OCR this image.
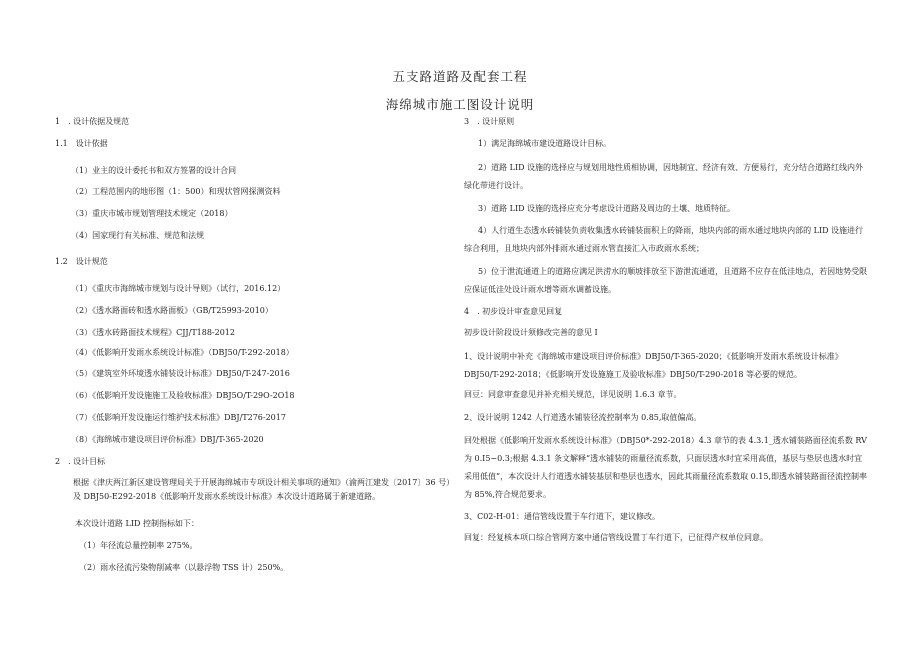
五支路道路及配套工程
海绵城市施工图设计说明
1　. 设计依据及规范
1.1　设计依据
（1）业主的设计委托书和双方签署的设计合同
（2）工程范围内的地形图（1：500）和现状管网探测资料
（3）重庆市城市规划管理技术规定（2018）
（4）国家现行有关标准、规范和法规
1.2　设计规范
（1）《重庆市海绵城市规划与设计导则》（试行，2016.12）
（2）《透水路面砖和透水路面板》（GB/T25993-2010）
（3）《透水砖路面技术规程》CJJ/T188-2012
（4）《低影响开发雨水系统设计标准》（DBJ50/T-292-2018）
（5）《建筑室外环境透水铺装设计标准》DBJ50/T-247-2016
（6）《低影响开发设施施工及验收标准》DBJ5O/T-29O-2O18
（7）《低影响开发设施运行维护技术标准》DBJ/T276-2017
（8）《海绵城市建设项目评价标准》DBJ/T-365-2020
2　. 设计目标
根据《津庆两江新区建设管理局关于开展海绵城市专项设计相关事项的通知》（渝两江建发〔2017〕36 号）及 DBJ50-E292-2018《低影响开发雨水系统设计标准》本次设计道路属于新建道路。
本次设计道路 LID 控制指标如下：
（1）年径流总量控制率 275%。
（2）雨水径流污染物削减率（以悬浮物 TSS 计）250%。
3　. 设计原则
1）满足海绵城市建设道路设计目标。
2）道路 LID 设施的选择应与规划用地性质相协调，因地制宜、经济有效、方便易行，充分结合道路红线内外绿化带进行设计。
3）道路 LID 设施的选择应充分考虑设计道路及周边的土壤、地质特征。
4）人行道生态透水砖铺装负责收集透水砖铺装面积上的降雨，地块内部的雨水通过地块内部的 LID 设施进行综合利用，且地块内部外排雨水通过雨水管直接汇入市政雨水系统；
5）位于泄流通道上的道路应满足洪涝水的顺坡排放至下游泄流通道，且道路不应存在低洼地点，若因地势受限应保证低洼处设计雨水增等雨水调蓄设施。
4　. 初步设计审查意见回复
初步设计阶段设计须修改完善的意见 I
1、设计说明中补充《海绵城市建设项目评价标准》DBJ50/T-365-2020；《低影响开发雨水系统设计标准》DBJ50/T-292-2018；《低影响开发设施施工及验收标准》DBJ50/T-290-2018 等必要的规范。
回豆：同意审查意见并补充相关规范，详见说明 1.6.3 章节。
2、设计说明 1242 人行道透水铺装径流控制率为 0.85,取值偏高。
回处根据《低影响开发雨水系统设计标准》（DBJ50*-292-2018）4.3 章节的表 4.3.1_透水铺装路面径流系数 RV 为 0.I5~0.3;根据 4.3.1 条文解释“透水铺装的雨量径流系数，只面层透水时宜采用高值，基层与垫层也透水时宜采用低值”，本次设计人行道透水铺装基层和垫层也透水，因此其雨量径流系数取 0.15,即透水铺装路面径流控制率为 85%,符合规范要求。
3、C02-H-01：通信管线设置于车行道下，建议修改。
回复：经复核本项口综合管网方案中通信管线设置丁车行道下，已征得产权单位同意。
